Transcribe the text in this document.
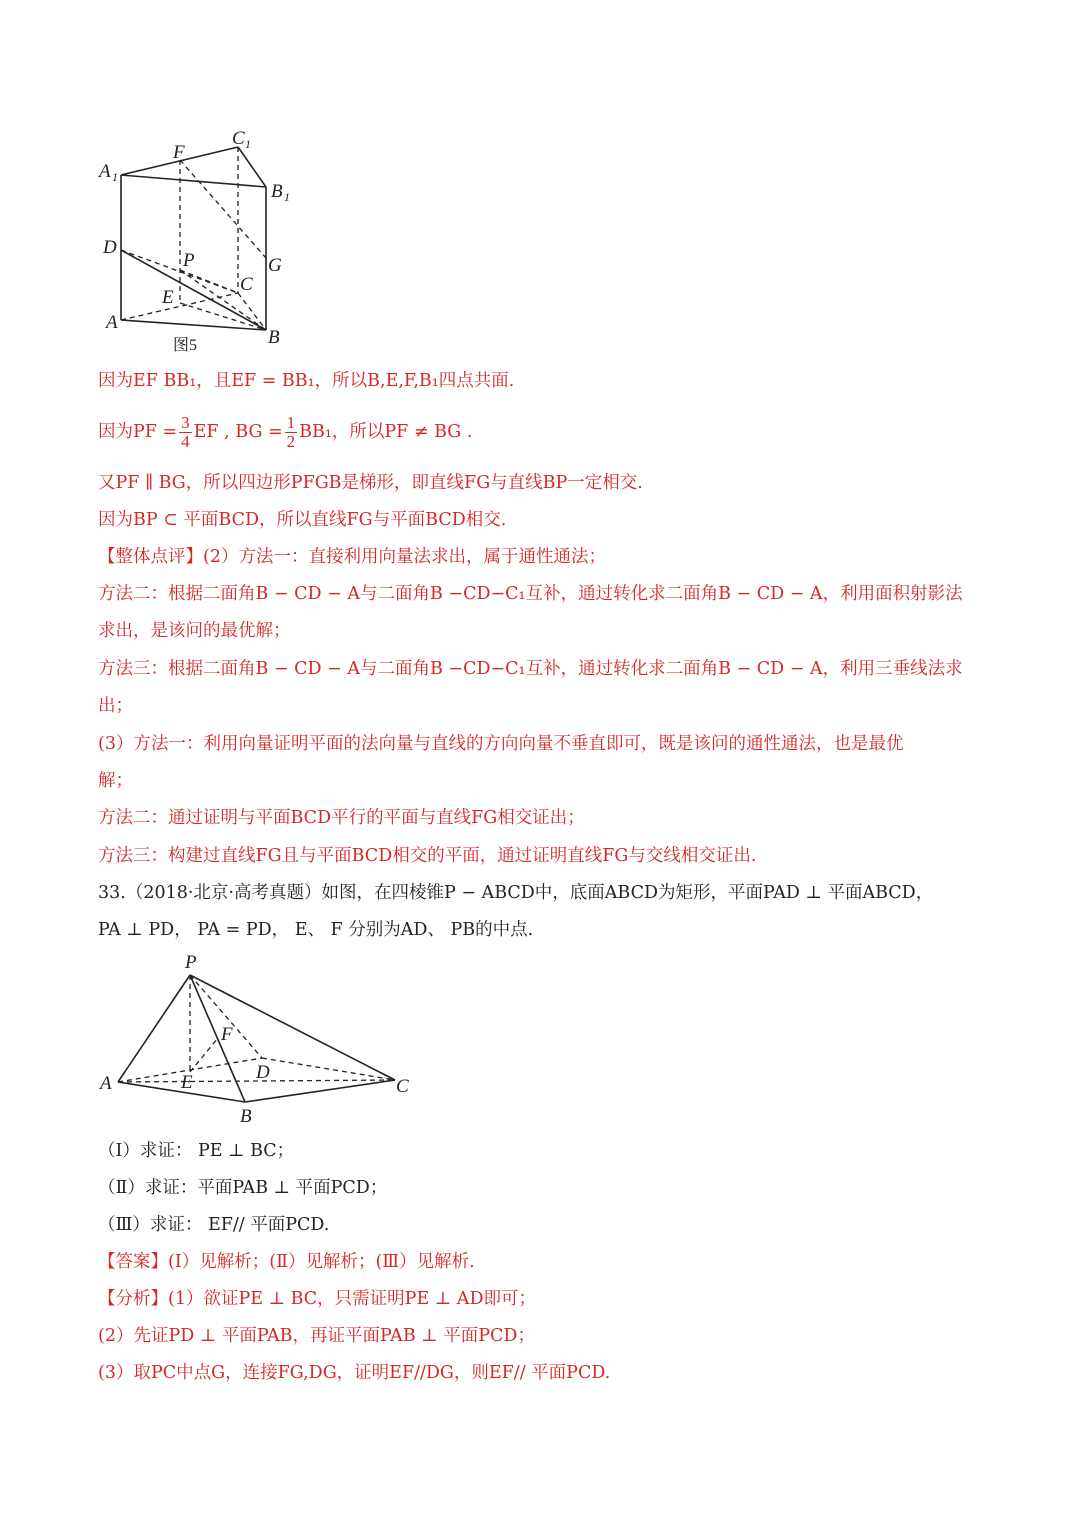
A 1
F
C 1
B 1
D
P	G
C
E
A
B
图5
因为EF BB₁，且EF = BB₁，所以B,E,F,B₁四点共面.
因为PF = $\frac{3}{4}$ EF , BG = $\frac{1}{2} BB_1$，所以PF ≠ BG .
又PF ∥ BG，所以四边形PFGB是梯形，即直线FG与直线BP一定相交.
因为BP ⊂ 平面BCD，所以直线FG与平面BCD相交.
【整体点评】(2）方法一：直接利用向量法求出，属于通性通法；
方法二：根据二面角B − CD − A与二面角B −CD−C₁互补，通过转化求二面角B − CD − A，利用面积射影法
求出，是该问的最优解；
方法三：根据二面角B − CD − A与二面角B −CD−C₁互补，通过转化求二面角B − CD − A，利用三垂线法求
出；
(3）方法一：利用向量证明平面的法向量与直线的方向向量不垂直即可，既是该问的通性通法，也是最优
解；
方法二：通过证明与平面BCD平行的平面与直线FG相交证出；
方法三：构建过直线FG且与平面BCD相交的平面，通过证明直线FG与交线相交证出.
33.（2018·北京·高考真题）如图，在四棱锥P − ABCD中，底面ABCD为矩形，平面PAD ⊥ 平面ABCD，
PA ⊥ PD， PA = PD， E、 F 分别为AD、 PB的中点.
P
F
A	E	D
C
B
（Ⅰ）求证： PE ⊥ BC；
（Ⅱ）求证：平面PAB ⊥ 平面PCD；
（Ⅲ）求证： EF// 平面PCD.
【答案】(Ⅰ）见解析；(Ⅱ）见解析；(Ⅲ）见解析.
【分析】(1）欲证PE ⊥ BC，只需证明PE ⊥ AD即可；
(2）先证PD ⊥ 平面PAB，再证平面PAB ⊥ 平面PCD；
(3）取PC中点G，连接FG,DG，证明EF//DG，则EF// 平面PCD.
